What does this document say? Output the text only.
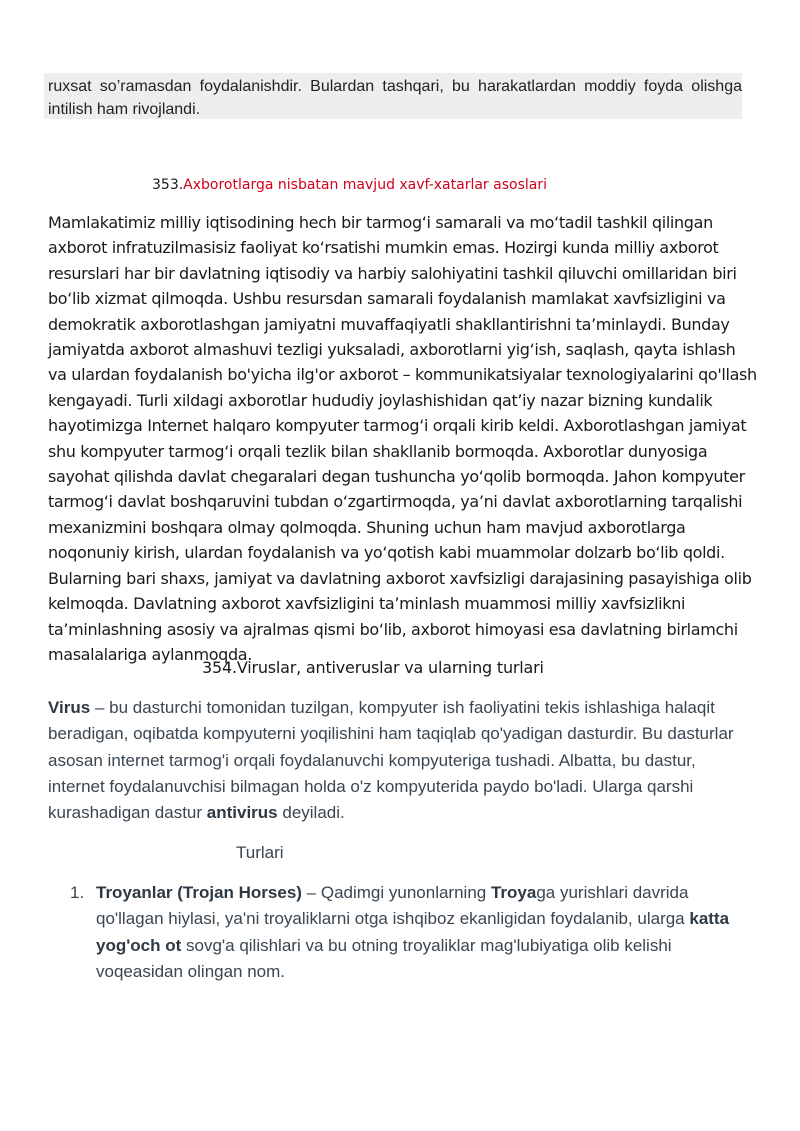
ruxsat so’ramasdan foydalanishdir. Bulardan tashqari, bu harakatlardan moddiy foyda olishga intilish ham rivojlandi.

353.Axborotlarga nisbatan mavjud xavf-xatarlar asoslari

Mamlakatimiz milliy iqtisodining hech bir tarmog‘i samarali va mo‘tadil tashkil qilingan axborot infratuzilmasisiz faoliyat ko‘rsatishi mumkin emas. Hozirgi kunda milliy axborot resurslari har bir davlatning iqtisodiy va harbiy salohiyatini tashkil qiluvchi omillaridan biri bo‘lib xizmat qilmoqda. Ushbu resursdan samarali foydalanish mamlakat xavfsizligini va demokratik axborotlashgan jamiyatni muvaffaqiyatli shakllantirishni ta’minlaydi. Bunday jamiyatda axborot almashuvi tezligi yuksaladi, axborotlarni yig‘ish, saqlash, qayta ishlash va ulardan foydalanish bo'yicha ilg'or axborot – kommunikatsiyalar texnologiyalarini qo'llash kengayadi. Turli xildagi axborotlar hududiy joylashishidan qat’iy nazar bizning kundalik hayotimizga Internet halqaro kompyuter tarmog‘i orqali kirib keldi. Axborotlashgan jamiyat shu kompyuter tarmog‘i orqali tezlik bilan shakllanib bormoqda. Axborotlar dunyosiga sayohat qilishda davlat chegaralari degan tushuncha yo‘qolib bormoqda. Jahon kompyuter tarmog‘i davlat boshqaruvini tubdan o‘zgartirmoqda, ya’ni davlat axborotlarning tarqalishi mexanizmini boshqara olmay qolmoqda. Shuning uchun ham mavjud axborotlarga noqonuniy kirish, ulardan foydalanish va yo‘qotish kabi muammolar dolzarb bo‘lib qoldi. Bularning bari shaxs, jamiyat va davlatning axborot xavfsizligi darajasining pasayishiga olib kelmoqda. Davlatning axborot xavfsizligini ta’minlash muammosi milliy xavfsizlikni ta’minlashning asosiy va ajralmas qismi bo‘lib, axborot himoyasi esa davlatning birlamchi masalalariga aylanmoqda.

354.Viruslar, antiveruslar va ularning turlari

Virus – bu dasturchi tomonidan tuzilgan, kompyuter ish faoliyatini tekis ishlashiga halaqit beradigan, oqibatda kompyuterni yoqilishini ham taqiqlab qo'yadigan dasturdir. Bu dasturlar asosan internet tarmog'i orqali foydalanuvchi kompyuteriga tushadi. Albatta, bu dastur, internet foydalanuvchisi bilmagan holda o'z kompyuterida paydo bo'ladi. Ularga qarshi kurashadigan dastur antivirus deyiladi.

Turlari

1. Troyanlar (Trojan Horses) – Qadimgi yunonlarning Troyaga yurishlari davrida qo'llagan hiylasi, ya'ni troyaliklarni otga ishqiboz ekanligidan foydalanib, ularga katta yog'och ot sovg'a qilishlari va bu otning troyaliklar mag'lubiyatiga olib kelishi voqeasidan olingan nom.
